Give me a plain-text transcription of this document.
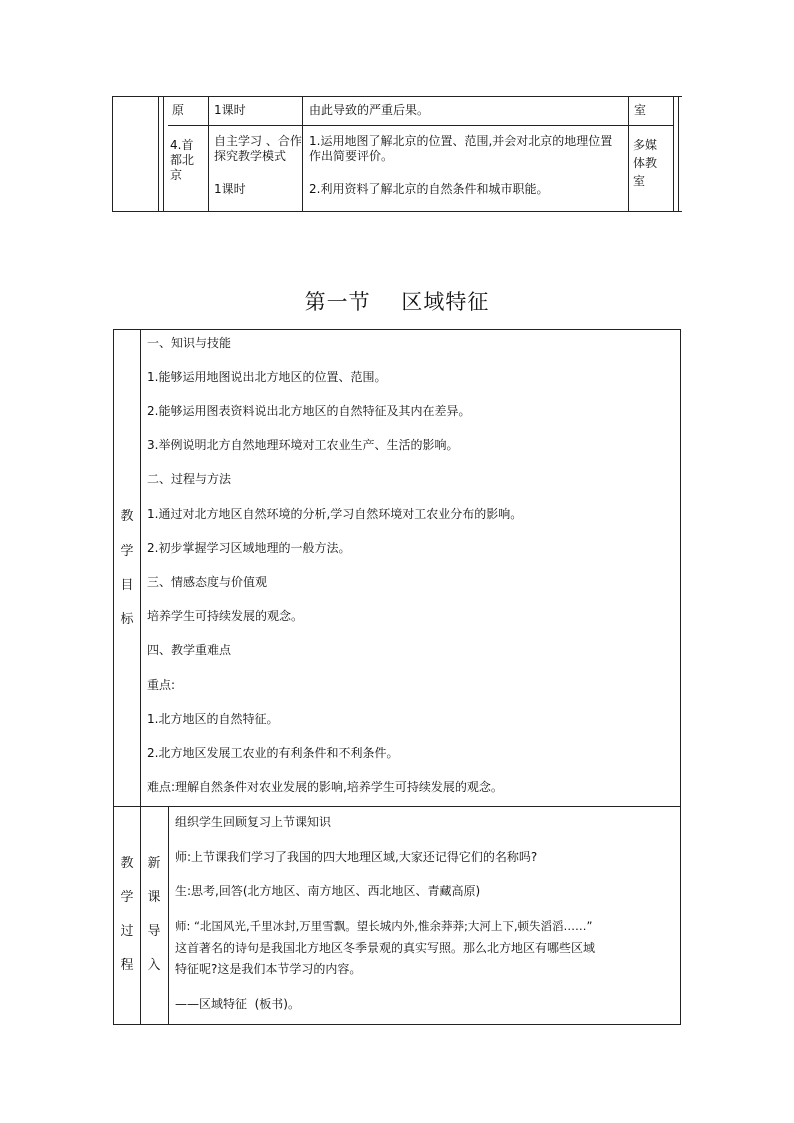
原 1课时	由此导致的严重后果。	室
4.首
都北
京
自主学习 、合作
探究教学模式
1课时
1.运用地图了解北京的位置、范围,并会对北京的地理位置
作出简要评价。
2.利用资料了解北京的自然条件和城市职能。
多媒
体教
室
第一节    区域特征
教
学
目
标
一、知识与技能
1.能够运用地图说出北方地区的位置、范围。
2.能够运用图表资料说出北方地区的自然特征及其内在差异。
3.举例说明北方自然地理环境对工农业生产、生活的影响。
二、过程与方法
1.通过对北方地区自然环境的分析,学习自然环境对工农业分布的影响。
2.初步掌握学习区域地理的一般方法。
三、情感态度与价值观
培养学生可持续发展的观念。
四、教学重难点
重点:
1.北方地区的自然特征。
2.北方地区发展工农业的有利条件和不利条件。
难点:理解自然条件对农业发展的影响,培养学生可持续发展的观念。
教
学
过
程
新
课
导
入
组织学生回顾复习上节课知识
师:上节课我们学习了我国的四大地理区域,大家还记得它们的名称吗?
生:思考,回答(北方地区、南方地区、西北地区、青藏高原)
师: “北国风光,千里冰封,万里雪飘。望长城内外,惟余莽莽;大河上下,顿失滔滔……”
这首著名的诗句是我国北方地区冬季景观的真实写照。那么北方地区有哪些区域
特征呢?这是我们本节学习的内容。
——区域特征  (板书)。
